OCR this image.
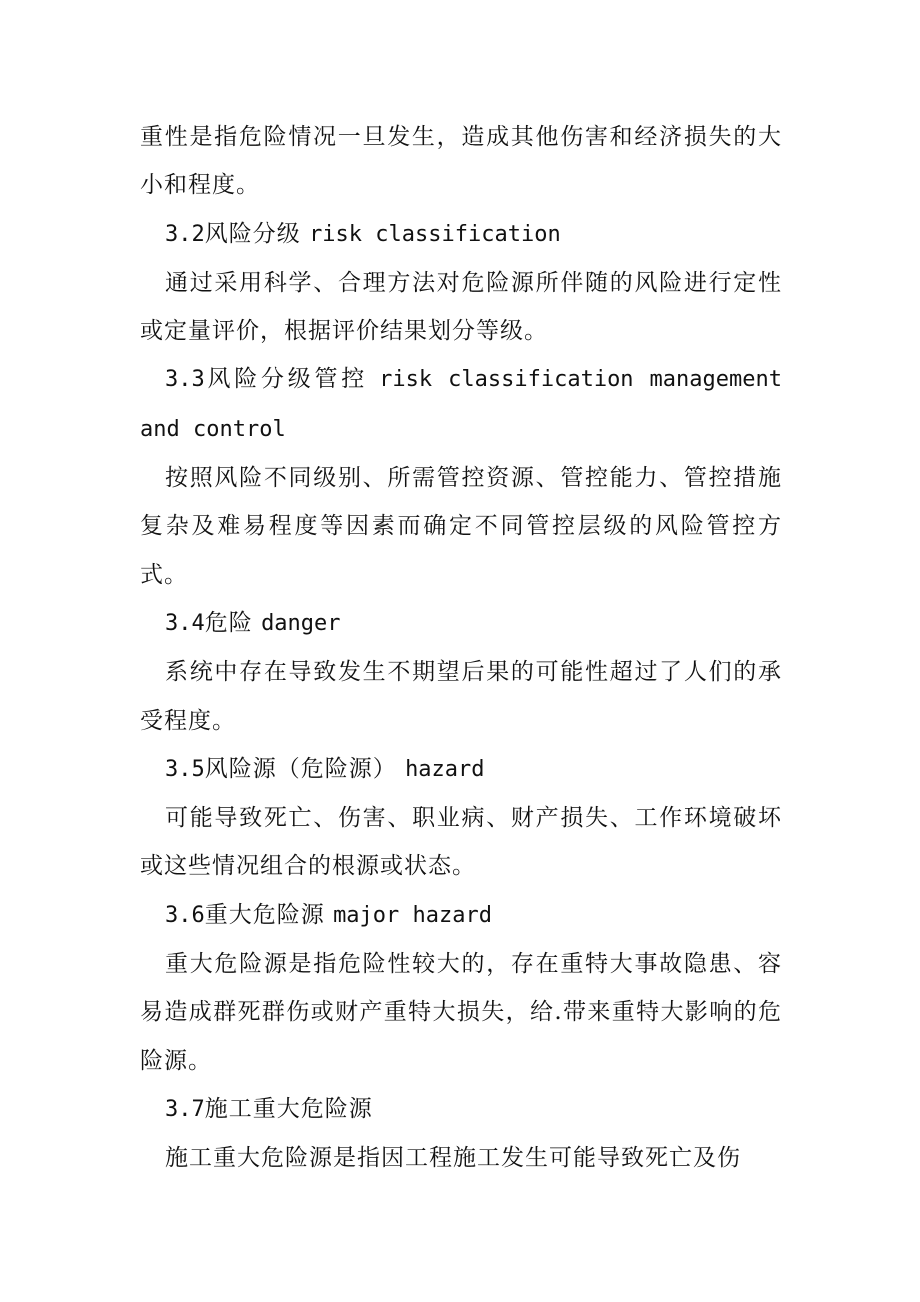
重性是指危险情况一旦发生，造成其他伤害和经济损失的大小和程度。

3.2风险分级 risk classification

通过采用科学、合理方法对危险源所伴随的风险进行定性或定量评价，根据评价结果划分等级。

3.3风险分级管控 risk classification management and control

按照风险不同级别、所需管控资源、管控能力、管控措施复杂及难易程度等因素而确定不同管控层级的风险管控方式。

3.4危险 danger

系统中存在导致发生不期望后果的可能性超过了人们的承受程度。

3.5风险源（危险源） hazard

可能导致死亡、伤害、职业病、财产损失、工作环境破坏或这些情况组合的根源或状态。

3.6重大危险源 major hazard

重大危险源是指危险性较大的，存在重特大事故隐患、容易造成群死群伤或财产重特大损失，给.带来重特大影响的危险源。

3.7施工重大危险源

施工重大危险源是指因工程施工发生可能导致死亡及伤
